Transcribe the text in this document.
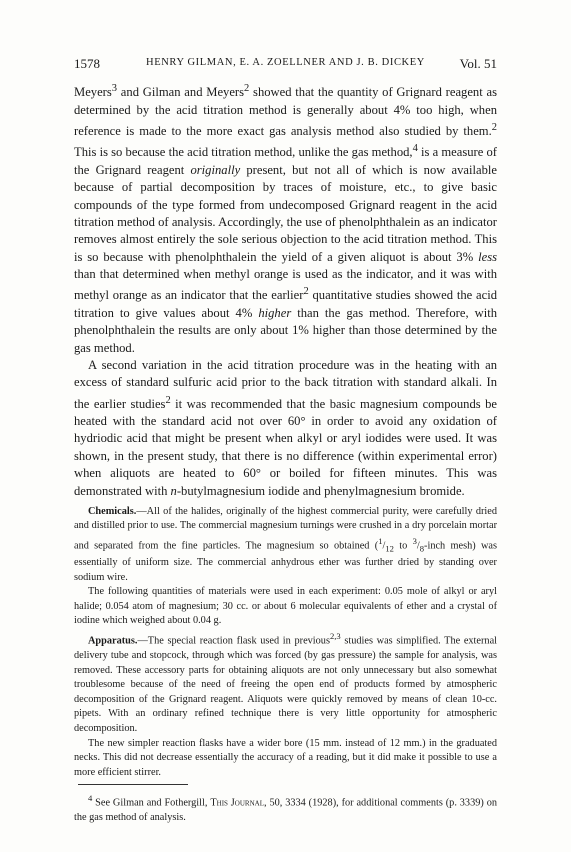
1578	HENRY GILMAN, E. A. ZOELLNER AND J. B. DICKEY	Vol. 51

Meyers$^3$ and Gilman and Meyers$^2$ showed that the quantity of Grignard reagent as determined by the acid titration method is generally about 4% too high, when reference is made to the more exact gas analysis method also studied by them.$^2$ This is so because the acid titration method, unlike the gas method,$^4$ is a measure of the Grignard reagent originally present, but not all of which is now available because of partial decomposition by traces of moisture, etc., to give basic compounds of the type formed from undecomposed Grignard reagent in the acid titration method of analysis. Accordingly, the use of phenolphthalein as an indicator removes almost entirely the sole serious objection to the acid titration method. This is so because with phenolphthalein the yield of a given aliquot is about 3% less than that determined when methyl orange is used as the indicator, and it was with methyl orange as an indicator that the earlier$^2$ quantitative studies showed the acid titration to give values about 4% higher than the gas method. Therefore, with phenolphthalein the results are only about 1% higher than those determined by the gas method.

A second variation in the acid titration procedure was in the heating with an excess of standard sulfuric acid prior to the back titration with standard alkali. In the earlier studies$^2$ it was recommended that the basic magnesium compounds be heated with the standard acid not over 60° in order to avoid any oxidation of hydriodic acid that might be present when alkyl or aryl iodides were used. It was shown, in the present study, that there is no difference (within experimental error) when aliquots are heated to 60° or boiled for fifteen minutes. This was demonstrated with n-butylmagnesium iodide and phenylmagnesium bromide.

Chemicals.—All of the halides, originally of the highest commercial purity, were carefully dried and distilled prior to use. The commercial magnesium turnings were crushed in a dry porcelain mortar and separated from the fine particles. The magnesium so obtained ($^1/_{12}$ to $^3/_8$-inch mesh) was essentially of uniform size. The commercial anhydrous ether was further dried by standing over sodium wire.

The following quantities of materials were used in each experiment: 0.05 mole of alkyl or aryl halide; 0.054 atom of magnesium; 30 cc. or about 6 molecular equivalents of ether and a crystal of iodine which weighed about 0.04 g.

Apparatus.—The special reaction flask used in previous$^{2,3}$ studies was simplified. The external delivery tube and stopcock, through which was forced (by gas pressure) the sample for analysis, was removed. These accessory parts for obtaining aliquots are not only unnecessary but also somewhat troublesome because of the need of freeing the open end of products formed by atmospheric decomposition of the Grignard reagent. Aliquots were quickly removed by means of clean 10-cc. pipets. With an ordinary refined technique there is very little opportunity for atmospheric decomposition.

The new simpler reaction flasks have a wider bore (15 mm. instead of 12 mm.) in the graduated necks. This did not decrease essentially the accuracy of a reading, but it did make it possible to use a more efficient stirrer.

$^4$ See Gilman and Fothergill, This Journal, 50, 3334 (1928), for additional comments (p. 3339) on the gas method of analysis.
